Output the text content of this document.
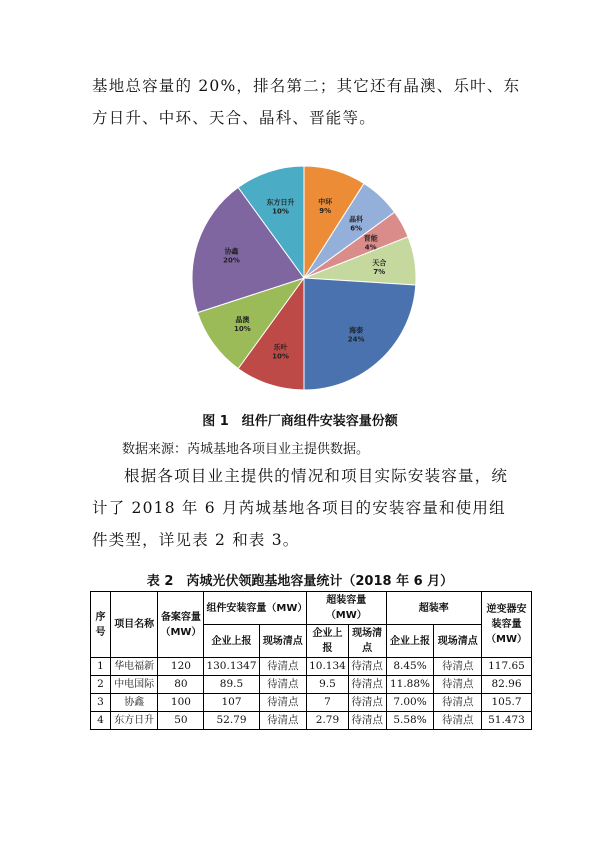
基地总容量的 20%，排名第二；其它还有晶澳、乐叶、东方日升、中环、天合、晶科、晋能等。

中环
9%
晶科
6%
晋能
4%
天合
7%
海泰
24%
乐叶
10%
晶澳
10%
协鑫
20%
东方日升
10%
图 1　组件厂商组件安装容量份额
数据来源：芮城基地各项目业主提供数据。

根据各项目业主提供的情况和项目实际安装容量，统计了 2018 年 6 月芮城基地各项目的安装容量和使用组件类型，详见表 2 和表 3。

表 2　芮城光伏领跑基地容量统计（2018 年 6 月）
序号	项目名称	备案容量（MW）	组件安装容量（MW）		超装容量（MW）		超装率		逆变器安装容量（MW）
			企业上报	现场清点	企业上报	现场清点	企业上报	现场清点	
1	华电福新	120	130.1347	待清点	10.134	待清点	8.45%	待清点	117.65
2	中电国际	80	89.5	待清点	9.5	待清点	11.88%	待清点	82.96
3	协鑫	100	107	待清点	7	待清点	7.00%	待清点	105.7
4	东方日升	50	52.79	待清点	2.79	待清点	5.58%	待清点	51.473
